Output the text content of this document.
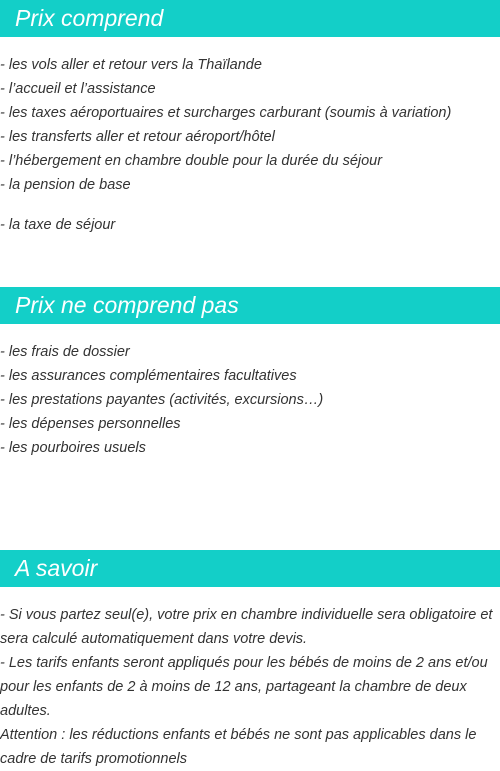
Prix comprend
- les vols aller et retour vers la Thaïlande
- l’accueil et l’assistance
- les taxes aéroportuaires et surcharges carburant (soumis à variation)
- les transferts aller et retour aéroport/hôtel
- l’hébergement en chambre double pour la durée du séjour
- la pension de base
- la taxe de séjour
Prix ne comprend pas
- les frais de dossier
- les assurances complémentaires facultatives
- les prestations payantes (activités, excursions…)
- les dépenses personnelles
- les pourboires usuels
A savoir

- Si vous partez seul(e), votre prix en chambre individuelle sera obligatoire et sera calculé automatiquement dans votre devis.

- Les tarifs enfants seront appliqués pour les bébés de moins de 2 ans et/ou pour les enfants de 2 à moins de 12 ans, partageant la chambre de deux adultes.

Attention : les réductions enfants et bébés ne sont pas applicables dans le cadre de tarifs promotionnels
